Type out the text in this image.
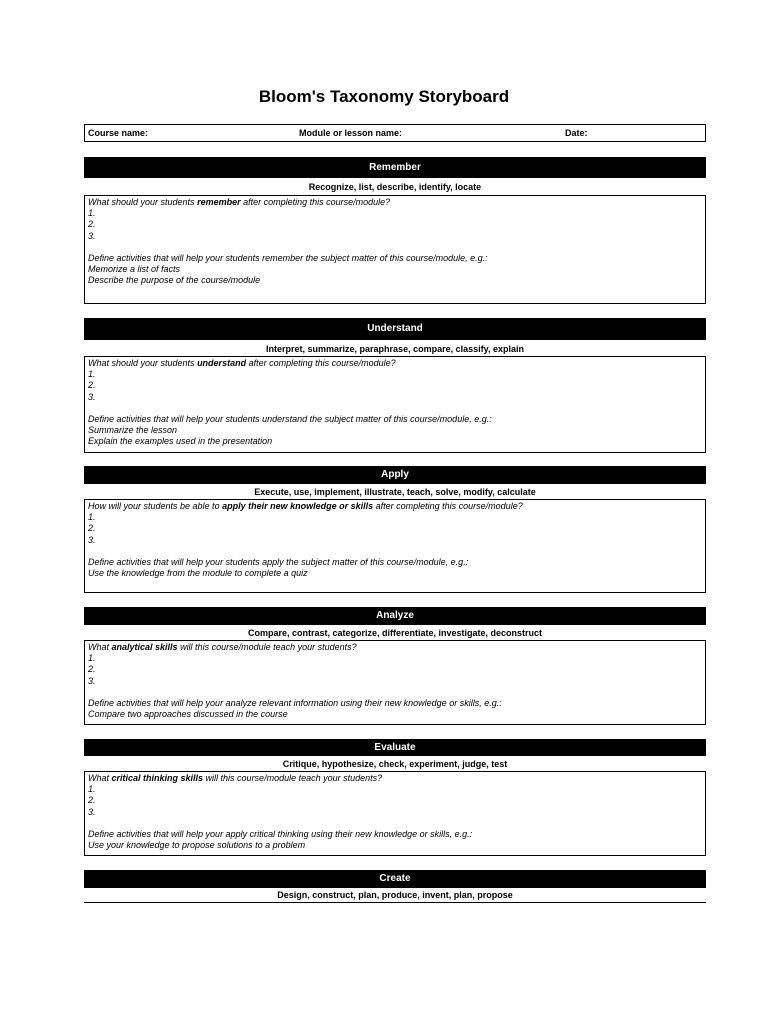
Bloom's Taxonomy Storyboard
Course name:	Module or lesson name:	Date:
Remember
Recognize, list, describe, identify, locate
What should your students remember after completing this course/module?
1.
2.
3.
Define activities that will help your students remember the subject matter of this course/module, e.g.:
Memorize a list of facts
Describe the purpose of the course/module
Understand
Interpret, summarize, paraphrase, compare, classify, explain
What should your students understand after completing this course/module?
1.
2.
3.
Define activities that will help your students understand the subject matter of this course/module, e.g.:
Summarize the lesson
Explain the examples used in the presentation
Apply
Execute, use, implement, illustrate, teach, solve, modify, calculate
How will your students be able to apply their new knowledge or skills after completing this course/module?
1.
2.
3.
Define activities that will help your students apply the subject matter of this course/module, e.g.:
Use the knowledge from the module to complete a quiz
Analyze
Compare, contrast, categorize, differentiate, investigate, deconstruct
What analytical skills will this course/module teach your students?
1.
2.
3.
Define activities that will help your analyze relevant information using their new knowledge or skills, e.g.:
Compare two approaches discussed in the course
Evaluate
Critique, hypothesize, check, experiment, judge, test
What critical thinking skills will this course/module teach your students?
1.
2.
3.
Define activities that will help your apply critical thinking using their new knowledge or skills, e.g.:
Use your knowledge to propose solutions to a problem
Create
Design, construct, plan, produce, invent, plan, propose
